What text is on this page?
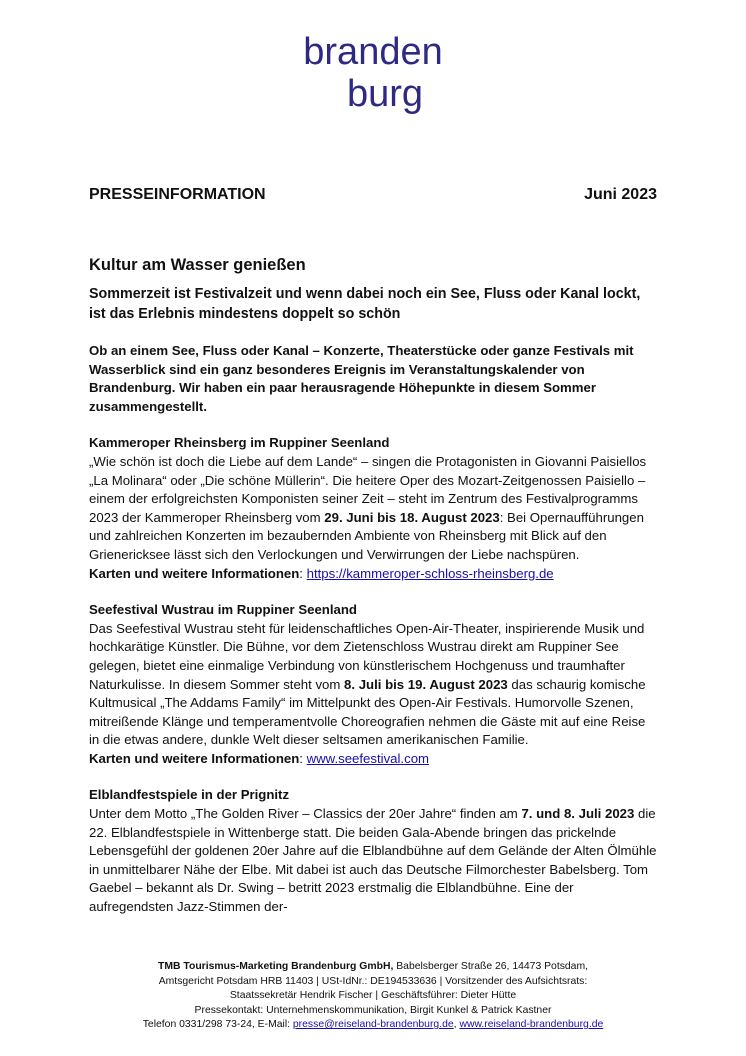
branden
burg
PRESSEINFORMATION	Juni 2023
Kultur am Wasser genießen
Sommerzeit ist Festivalzeit und wenn dabei noch ein See, Fluss oder Kanal lockt, ist das Erlebnis mindestens doppelt so schön
Ob an einem See, Fluss oder Kanal – Konzerte, Theaterstücke oder ganze Festivals mit Wasserblick sind ein ganz besonderes Ereignis im Veranstaltungskalender von Brandenburg. Wir haben ein paar herausragende Höhepunkte in diesem Sommer zusammengestellt.

Kammeroper Rheinsberg im Ruppiner Seenland

„Wie schön ist doch die Liebe auf dem Lande“ – singen die Protagonisten in Giovanni Paisiellos „La Molinara“ oder „Die schöne Müllerin“. Die heitere Oper des Mozart-Zeitgenossen Paisiello – einem der erfolgreichsten Komponisten seiner Zeit – steht im Zentrum des Festivalprogramms 2023 der Kammeroper Rheinsberg vom 29. Juni bis 18. August 2023: Bei Opernaufführungen und zahlreichen Konzerten im bezaubernden Ambiente von Rheinsberg mit Blick auf den Grienericksee lässt sich den Verlockungen und Verwirrungen der Liebe nachspüren.

Karten und weitere Informationen: https://kammeroper-schloss-rheinsberg.de

Seefestival Wustrau im Ruppiner Seenland

Das Seefestival Wustrau steht für leidenschaftliches Open-Air-Theater, inspirierende Musik und hochkarätige Künstler. Die Bühne, vor dem Zietenschloss Wustrau direkt am Ruppiner See gelegen, bietet eine einmalige Verbindung von künstlerischem Hochgenuss und traumhafter Naturkulisse. In diesem Sommer steht vom 8. Juli bis 19. August 2023 das schaurig komische Kultmusical „The Addams Family“ im Mittelpunkt des Open-Air Festivals. Humorvolle Szenen, mitreißende Klänge und temperamentvolle Choreografien nehmen die Gäste mit auf eine Reise in die etwas andere, dunkle Welt dieser seltsamen amerikanischen Familie.

Karten und weitere Informationen: www.seefestival.com

Elblandfestspiele in der Prignitz

Unter dem Motto „The Golden River – Classics der 20er Jahre“ finden am 7. und 8. Juli 2023 die 22. Elblandfestspiele in Wittenberge statt. Die beiden Gala-Abende bringen das prickelnde Lebensgefühl der goldenen 20er Jahre auf die Elblandbühne auf dem Gelände der Alten Ölmühle in unmittelbarer Nähe der Elbe. Mit dabei ist auch das Deutsche Filmorchester Babelsberg. Tom Gaebel – bekannt als Dr. Swing – betritt 2023 erstmalig die Elblandbühne. Eine der aufregendsten Jazz-Stimmen der-

TMB Tourismus-Marketing Brandenburg GmbH, Babelsberger Straße 26, 14473 Potsdam,

Amtsgericht Potsdam HRB 11403 | USt-IdNr.: DE194533636 | Vorsitzender des Aufsichtsrats:

Staatssekretär Hendrik Fischer | Geschäftsführer: Dieter Hütte

Pressekontakt: Unternehmenskommunikation, Birgit Kunkel & Patrick Kastner

Telefon 0331/298 73-24, E-Mail: presse@reiseland-brandenburg.de, www.reiseland-brandenburg.de
